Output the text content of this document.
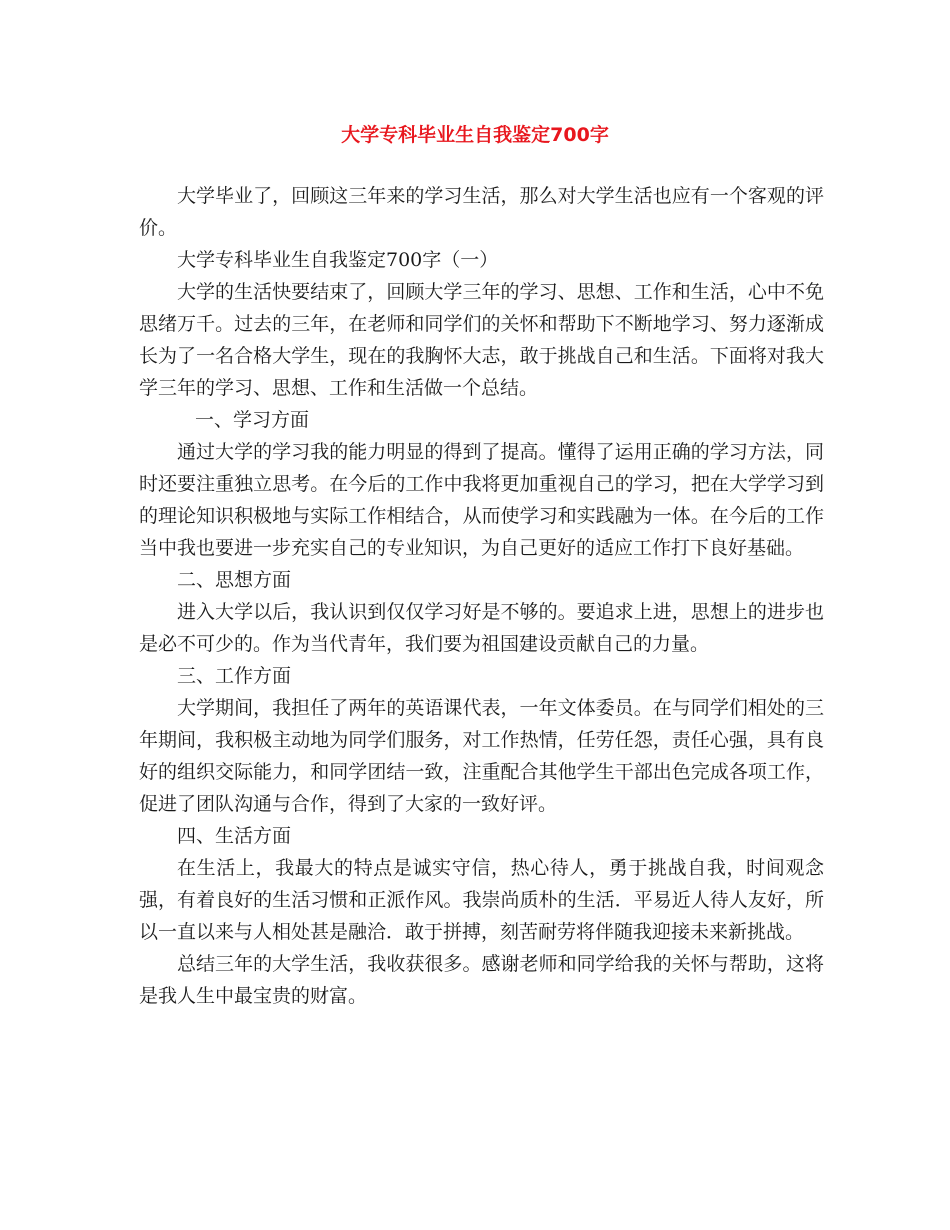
大学专科毕业生自我鉴定700字

大学毕业了，回顾这三年来的学习生活，那么对大学生活也应有一个客观的评价。

大学专科毕业生自我鉴定700字（一）

大学的生活快要结束了，回顾大学三年的学习、思想、工作和生活，心中不免思绪万千。过去的三年，在老师和同学们的关怀和帮助下不断地学习、努力逐渐成长为了一名合格大学生，现在的我胸怀大志，敢于挑战自己和生活。下面将对我大学三年的学习、思想、工作和生活做一个总结。

一、学习方面

通过大学的学习我的能力明显的得到了提高。懂得了运用正确的学习方法，同时还要注重独立思考。在今后的工作中我将更加重视自己的学习，把在大学学习到的理论知识积极地与实际工作相结合，从而使学习和实践融为一体。在今后的工作当中我也要进一步充实自己的专业知识，为自己更好的适应工作打下良好基础。

二、思想方面

进入大学以后，我认识到仅仅学习好是不够的。要追求上进，思想上的进步也是必不可少的。作为当代青年，我们要为祖国建设贡献自己的力量。

三、工作方面

大学期间，我担任了两年的英语课代表，一年文体委员。在与同学们相处的三年期间，我积极主动地为同学们服务，对工作热情，任劳任怨，责任心强，具有良好的组织交际能力，和同学团结一致，注重配合其他学生干部出色完成各项工作，促进了团队沟通与合作，得到了大家的一致好评。

四、生活方面

在生活上，我最大的特点是诚实守信，热心待人，勇于挑战自我，时间观念强，有着良好的生活习惯和正派作风。我崇尚质朴的生活．平易近人待人友好，所以一直以来与人相处甚是融洽．敢于拼搏，刻苦耐劳将伴随我迎接未来新挑战。

总结三年的大学生活，我收获很多。感谢老师和同学给我的关怀与帮助，这将是我人生中最宝贵的财富。
